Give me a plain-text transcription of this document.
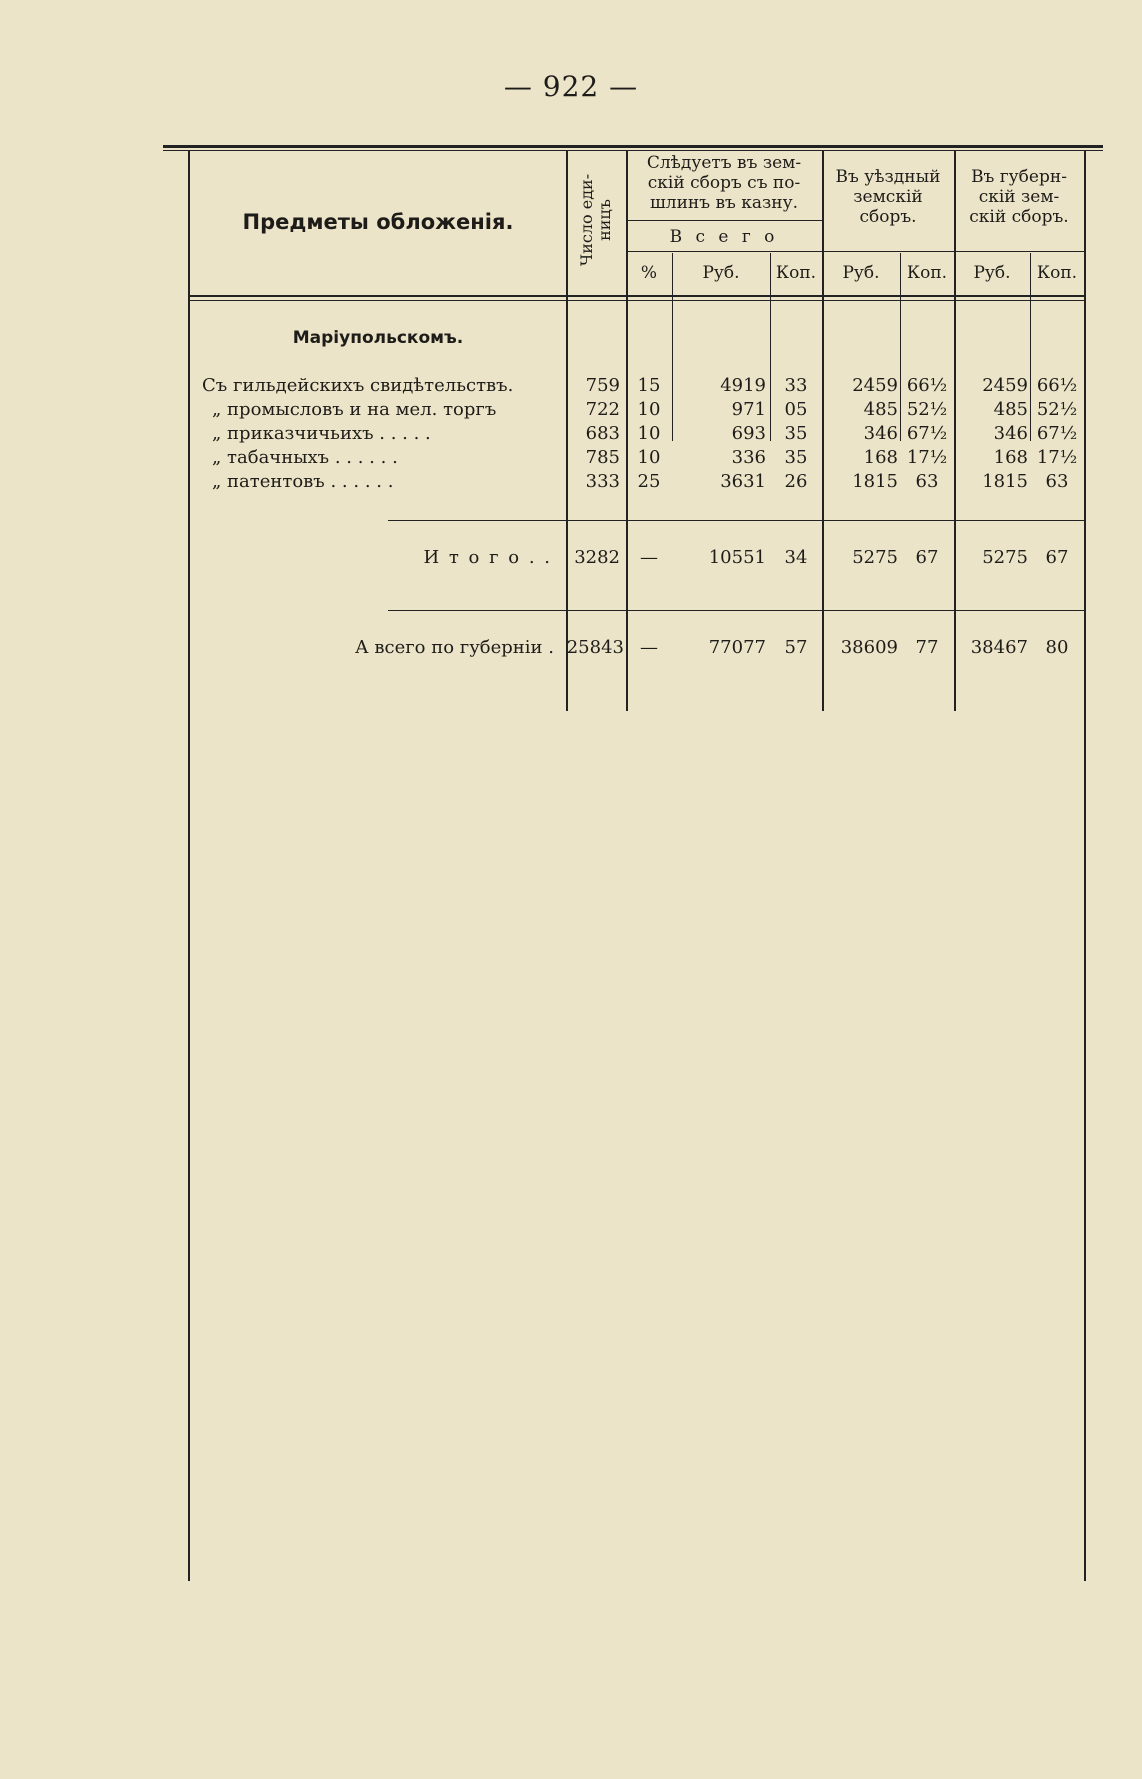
— 922 —
Предметы обложенія.	Число еди- ницъ
Слѣдуетъ въ зем-
скій сборъ съ по-
шлинъ въ казну.
В с е г о
Въ уѣздный
земскій
сборъ.
Въ губерн-
скій зем-
скій сборъ.
%	Руб.	Коп.	Руб.	Коп.	Руб.	Коп.
Маріупольскомъ.
Съ гильдейскихъ свидѣтельствъ.	759 15	4919	33	2459 66½	2459 66½
„ промысловъ и на мел. торгъ	722 10	971	05	485 52½	485 52½
„ приказчичьихъ . . . . .	683 10	693	35	346 67½	346 67½
„ табачныхъ . . . . . .	785 10	336	35	168 17½	168 17½
„ патентовъ . . . . . .	333 25	3631	26	1815 63	1815 63
И т о г о . .	3282	—	10551	34	5275 67	5275 67
А всего по губерніи . 25843 —	77077	57	38609 77	38467 80
